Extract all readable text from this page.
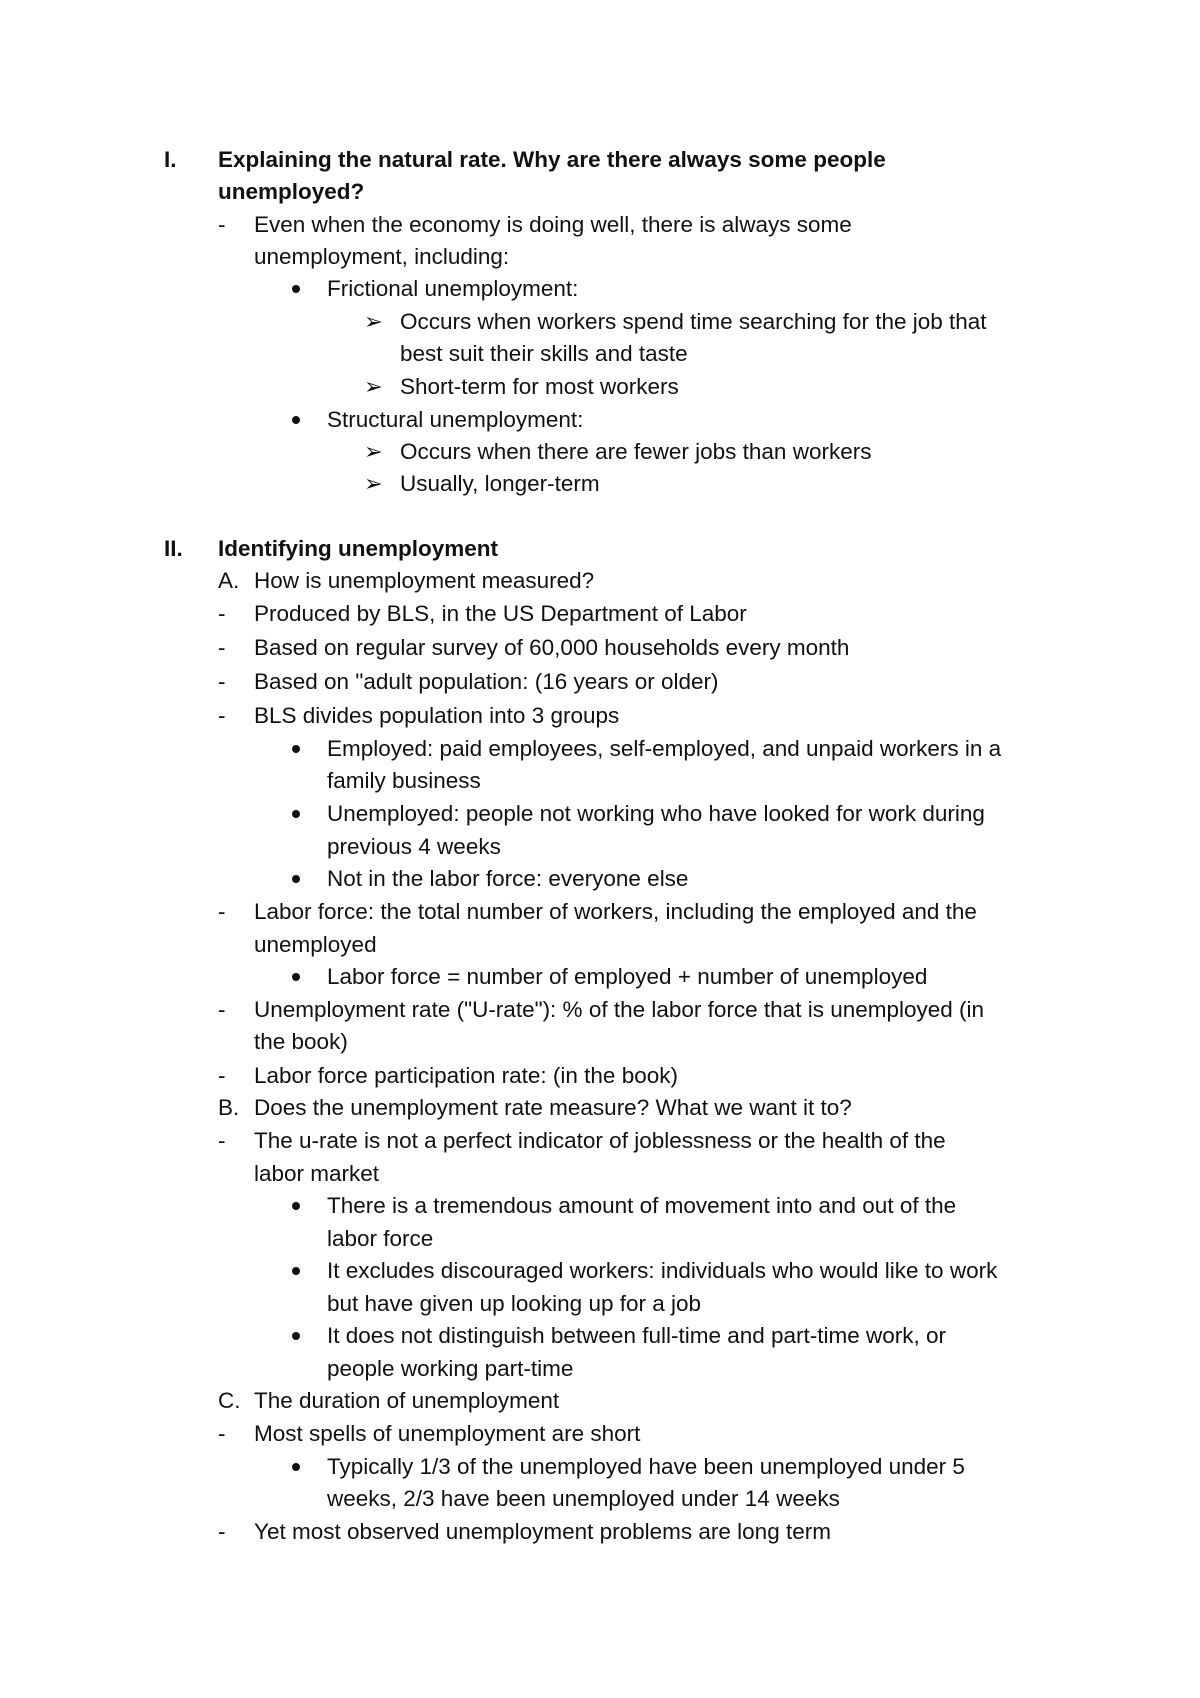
I. Explaining the natural rate. Why are there always some people
unemployed?
- Even when the economy is doing well, there is always some
unemployment, including:
Frictional unemployment:
➢ Occurs when workers spend time searching for the job that
best suit their skills and taste
➢ Short-term for most workers
Structural unemployment:
➢ Occurs when there are fewer jobs than workers
➢ Usually, longer-term
II. Identifying unemployment
A. How is unemployment measured?
- Produced by BLS, in the US Department of Labor
- Based on regular survey of 60,000 households every month
- Based on "adult population: (16 years or older)
- BLS divides population into 3 groups
Employed: paid employees, self-employed, and unpaid workers in a
family business
Unemployed: people not working who have looked for work during
previous 4 weeks
Not in the labor force: everyone else
- Labor force: the total number of workers, including the employed and the
unemployed
Labor force = number of employed + number of unemployed
- Unemployment rate ("U-rate"): % of the labor force that is unemployed (in
the book)
- Labor force participation rate: (in the book)
B. Does the unemployment rate measure? What we want it to?
- The u-rate is not a perfect indicator of joblessness or the health of the
labor market
There is a tremendous amount of movement into and out of the
labor force
It excludes discouraged workers: individuals who would like to work
but have given up looking up for a job
It does not distinguish between full-time and part-time work, or
people working part-time
C. The duration of unemployment
- Most spells of unemployment are short
Typically 1/3 of the unemployed have been unemployed under 5
weeks, 2/3 have been unemployed under 14 weeks
- Yet most observed unemployment problems are long term
